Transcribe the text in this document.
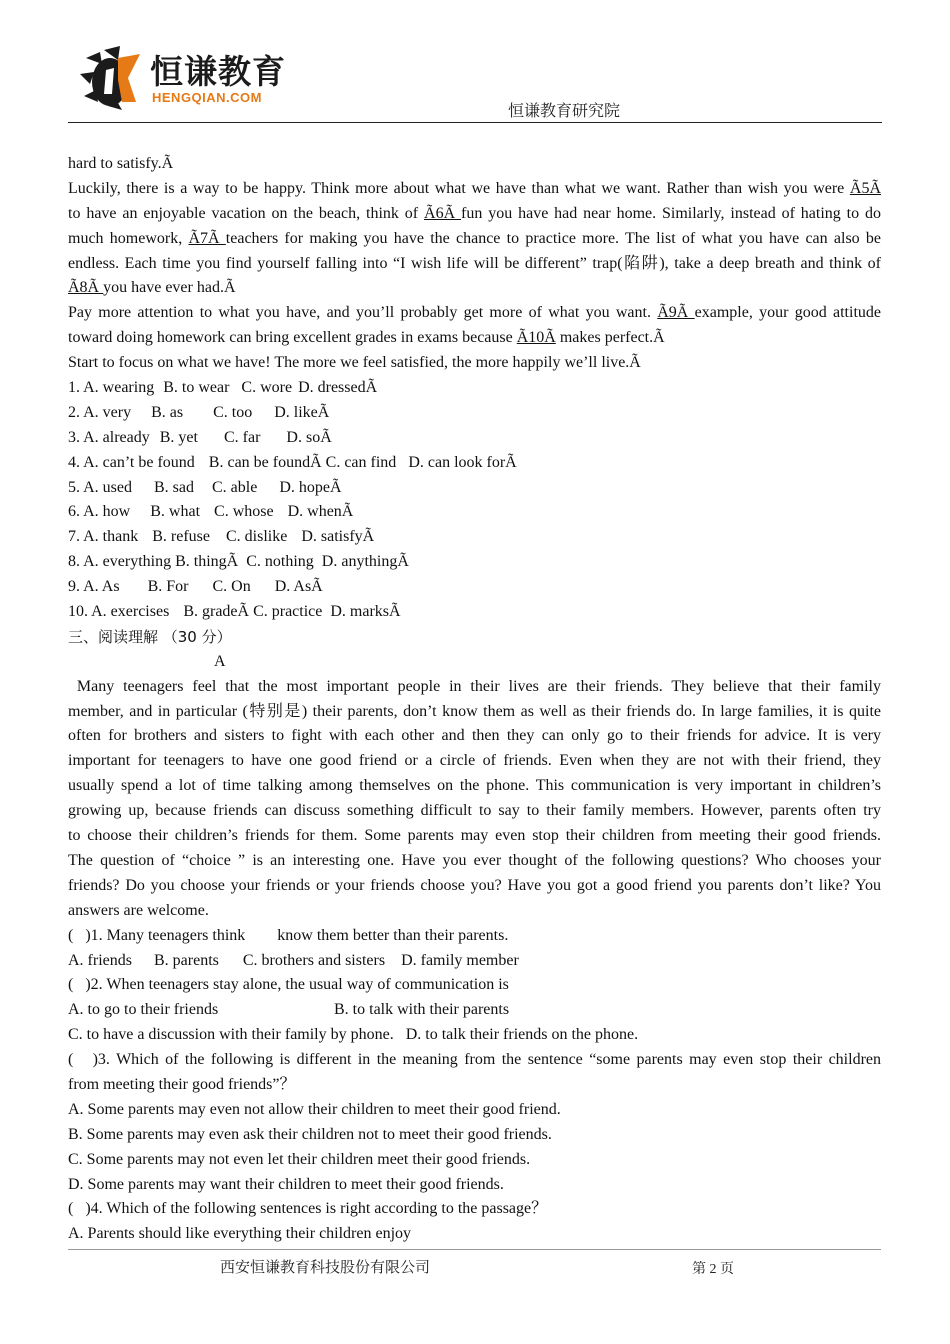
恒谦教育
HENGQIAN.COM
恒谦教育研究院
hard to satisfy.Ã
Luckily, there is a way to be happy. Think more about what we have than what we want. Rather than wish you were Ã5Ã
to have an enjoyable vacation on the beach, think of Ã6Ã fun you have had near home. Similarly, instead of hating to do
much homework, Ã7Ã teachers for making you have the chance to practice more. The list of what you have can also be
endless. Each time you find yourself falling into “I wish life will be different” trap(陷阱), take a deep breath and think of
Ã8Ã you have ever had.Ã
Pay more attention to what you have, and you’ll probably get more of what you want. Ã9Ã example, your good attitude
toward doing homework can bring excellent grades in exams because Ã10Ã makes perfect.Ã
Start to focus on what we have! The more we feel satisfied, the more happily we’ll live.Ã
1. A. wearing B. to wear C. wore D. dressedÃ
2. A. very B. as C. too D. likeÃ
3. A. already B. yet C. far D. soÃ
4. A. can’t be found B. can be foundÃ C. can find D. can look forÃ
5. A. used B. sad C. able D. hopeÃ
6. A. how B. what C. whose D. whenÃ
7. A. thank B. refuse C. dislike D. satisfyÃ
8. A. everything B. thingÃ C. nothing D. anythingÃ
9. A. As B. For C. On D. AsÃ
10. A. exercises B. gradeÃ C. practice D. marksÃ
三、阅读理解 （30 分）
A
Many teenagers feel that the most important people in their lives are their friends. They believe that their family
member, and in particular (特别是) their parents, don’t know them as well as their friends do. In large families, it is quite
often for brothers and sisters to fight with each other and then they can only go to their friends for advice. It is very
important for teenagers to have one good friend or a circle of friends. Even when they are not with their friend, they
usually spend a lot of time talking among themselves on the phone. This communication is very important in children’s
growing up, because friends can discuss something difficult to say to their family members. However, parents often try
to choose their children’s friends for them. Some parents may even stop their children from meeting their good friends.
The question of “choice ” is an interesting one. Have you ever thought of the following questions? Who chooses your
friends? Do you choose your friends or your friends choose you? Have you got a good friend you parents don’t like? You
answers are welcome.
(   )1. Many teenagers think        know them better than their parents.
A. friends B. parents C. brothers and sisters D. family member
(   )2. When teenagers stay alone, the usual way of communication is
A. to go to their friends	B. to talk with their parents
C. to have a discussion with their family by phone.   D. to talk their friends on the phone.
(   )3. Which of the following is different in the meaning from the sentence “some parents may even stop their children
from meeting their good friends”？
A. Some parents may even not allow their children to meet their good friend.
B. Some parents may even ask their children not to meet their good friends.
C. Some parents may not even let their children meet their good friends.
D. Some parents may want their children to meet their good friends.
(   )4. Which of the following sentences is right according to the passage？
A. Parents should like everything their children enjoy
西安恒谦教育科技股份有限公司	第 2 页
